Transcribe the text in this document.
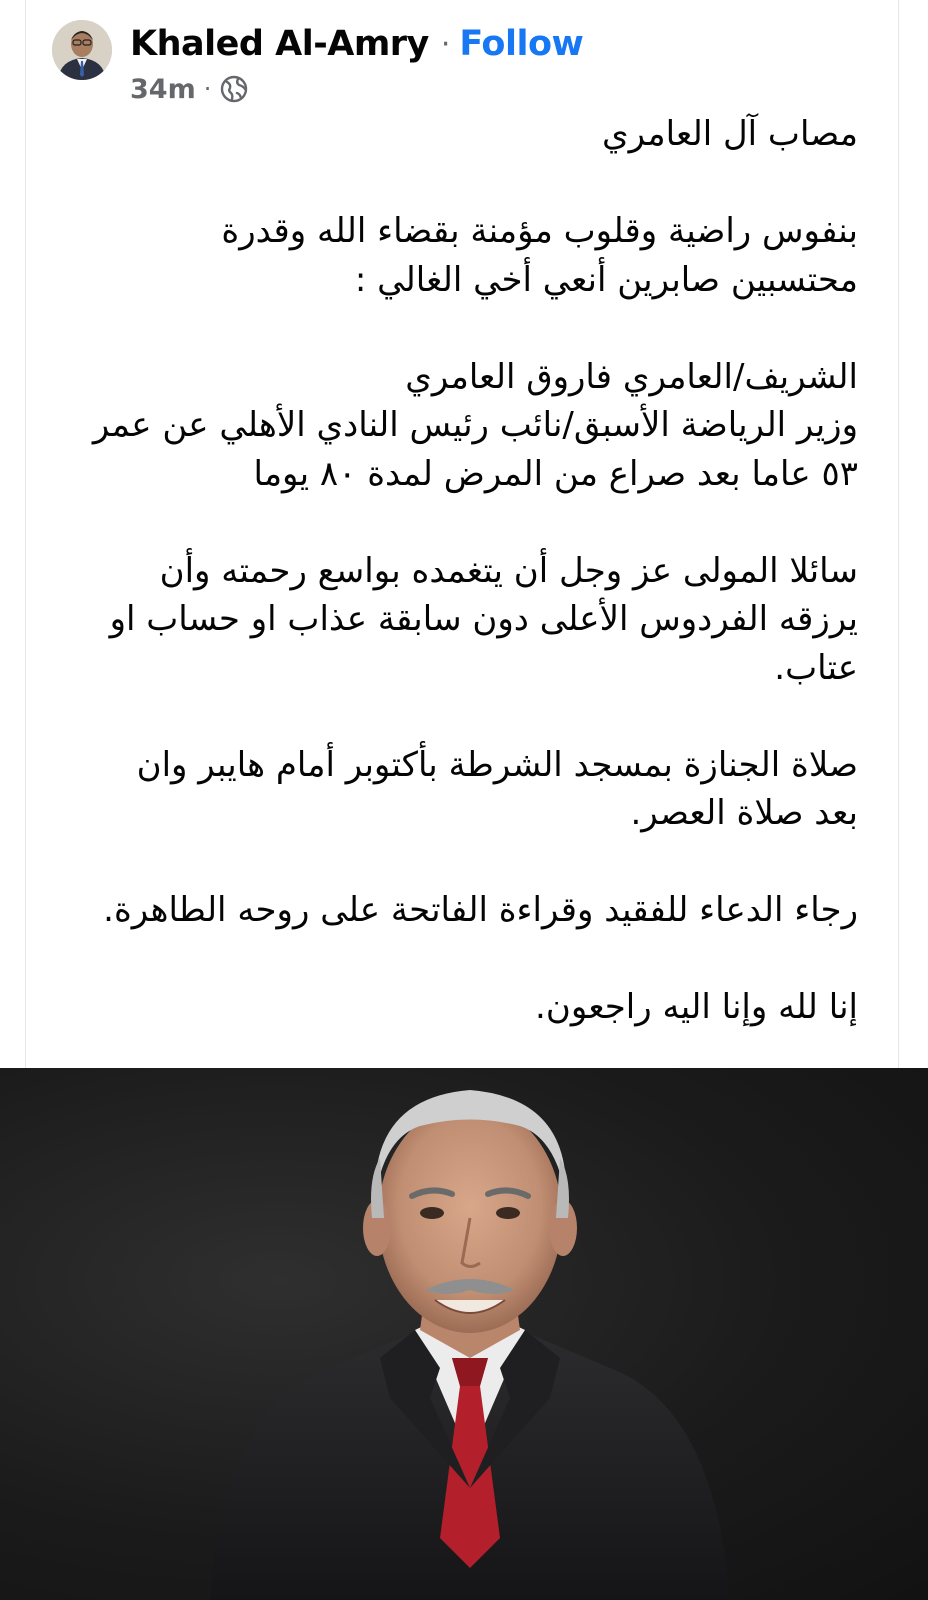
Khaled Al-Amry · Follow
34m ·

مصاب آل العامري

بنفوس راضية وقلوب مؤمنة بقضاء الله وقدرة
محتسبين صابرين أنعي أخي الغالي :

الشريف/العامري فاروق العامري
وزير الرياضة الأسبق/نائب رئيس النادي الأهلي عن عمر
٥٣ عاما بعد صراع من المرض لمدة ٨٠ يوما

سائلا المولى عز وجل أن يتغمده بواسع رحمته وأن
يرزقه الفردوس الأعلى دون سابقة عذاب او حساب او
عتاب.

صلاة الجنازة بمسجد الشرطة بأكتوبر أمام هايبر وان
بعد صلاة العصر.

رجاء الدعاء للفقيد وقراءة الفاتحة على روحه الطاهرة.

إنا لله وإنا اليه راجعون.
